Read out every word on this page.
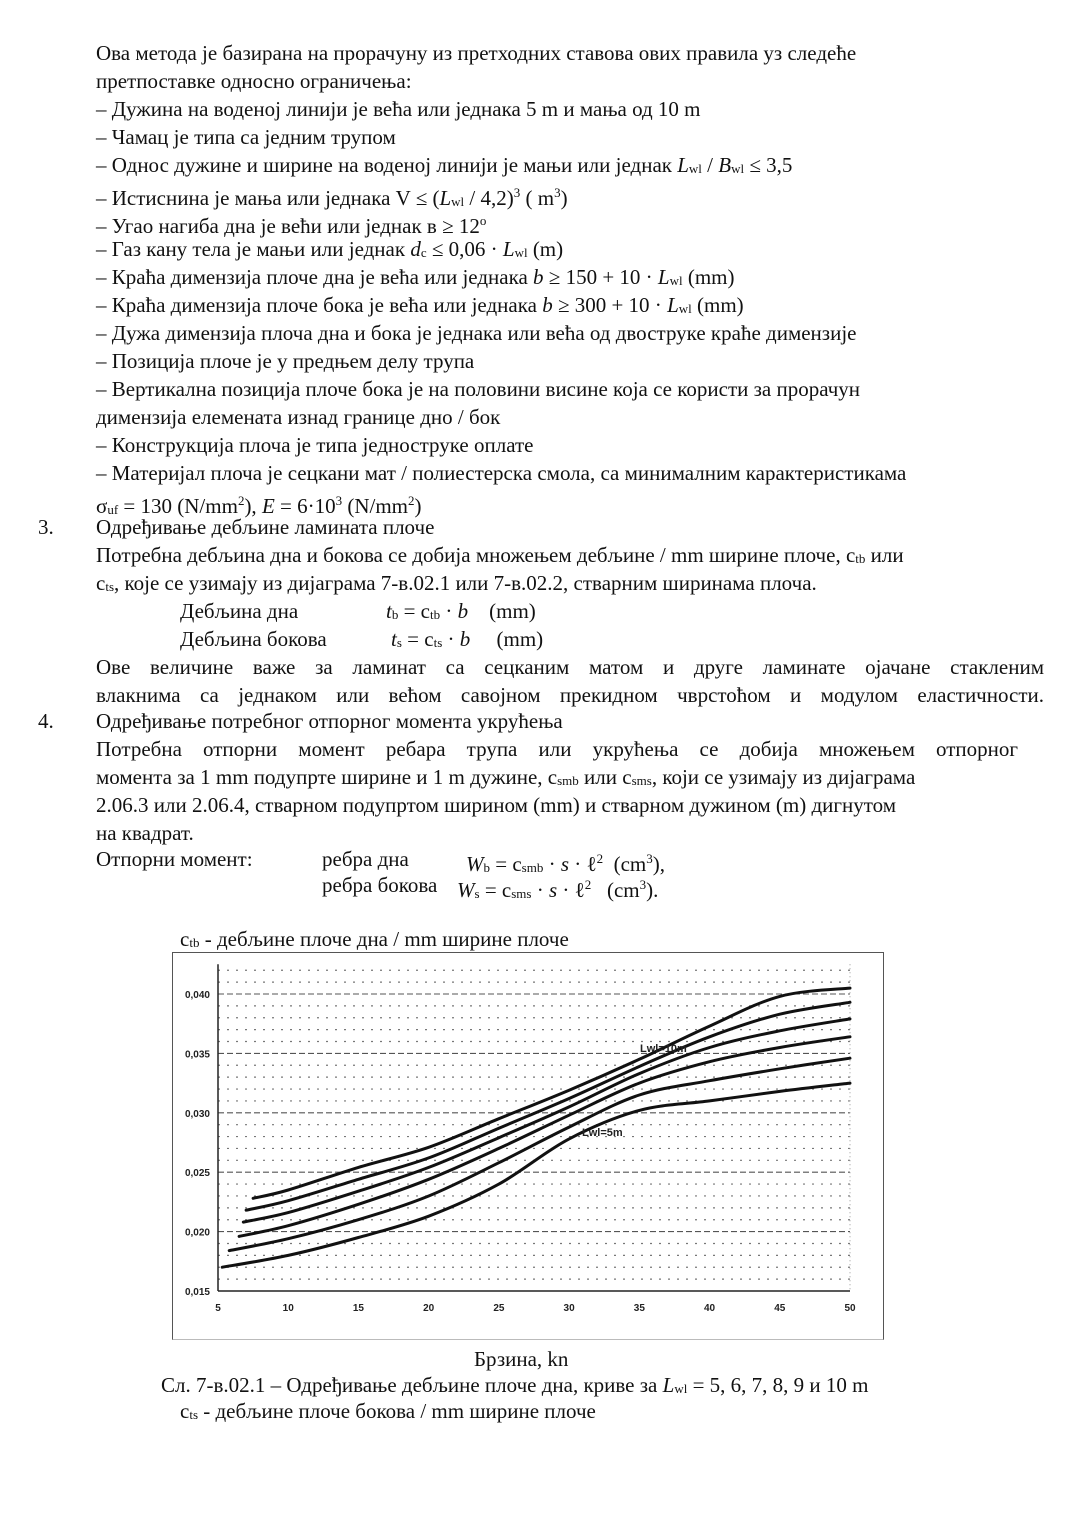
Ова метода је базирана на прорачуну из претходних ставова ових правила уз следеће
претпоставке односно ограничења:
– Дужина на воденој линији је већа или једнака 5 m и мања од 10 m
– Чамац је типа са једним трупом
– Однос дужине и ширине на воденој линији је мањи или једнак Lwl / Bwl ≤ 3,5
– Истиснина је мања или једнака V ≤ (Lwl / 4,2)$^3$ ( $m^3$)
– Угао нагиба дна је већи или једнак $в \ge 12^o$
– Газ кану тела је мањи или једнак dc ≤ 0,06 · Lwl (m)
– Краћа димензија плоче дна је већа или једнака b ≥ 150 + 10 · Lwl (mm)
– Краћа димензија плоче бока је већа или једнака b ≥ 300 + 10 · Lwl (mm)
– Дужа димензија плоча дна и бока је једнака или већа од двоструке краће димензије
– Позиција плоче је у предњем делу трупа
– Вертикална позиција плоче бока је на половини висине која се користи за прорачун
димензија елемената изнад границе дно / бок
– Конструкција плоча је типа једноструке оплате
– Материјал плоча је сецкани мат / полиестерска смола, са минималним карактеристикама
σuf = 130 $(N/mm^2)$, $E = 6\cdot 10^3$ $(N/mm^2)$
3. Одређивање дебљине ламината плоче
Потребна дебљина дна и бокова се добија множењем дебљине / mm ширине плоче, ctb или
cts, које се узимају из дијаграма 7-в.02.1 или 7-в.02.2, стварним ширинама плоча.
Дебљина дна	tb = ctb · b    (mm)
Дебљина бокова	ts = cts · b     (mm)
Ове величине важе за ламинат са сецканим матом и друге ламинате ојачане стакленим
влакнима са једнаком или већом савојном прекидном чврстоћом и модулом еластичности.
4. Одређивање потребног отпорног момента укрућења
Потребна отпорни момент ребара трупа или укрућења се добија множењем отпорног
момента за 1 mm подупрте ширине и 1 m дужине, csmb или csms, који се узимају из дијаграма
2.06.3 или 2.06.4, стварном подупртом ширином (mm) и стварном дужином (m) дигнутом
на квадрат.
Отпорни момент:	ребра дна	Wb = csmb · s · ℓ$^2$  $(cm^3)$,
ребра бокова Ws = csms · s · ℓ$^2$   $(cm^3)$.
ctb - дебљине плоче дна / mm ширине плоче
0,015
0,020
0,025
0,030
0,035
0,040
5	10	15	20	25	30	35	40	45	50
Lwl=10m
Lwl=5m
Брзина, kn
Сл. 7-в.02.1 – Одређивање дебљине плоче дна, криве за Lwl = 5, 6, 7, 8, 9 и 10 m
cts - дебљине плоче бокова / mm ширине плоче
